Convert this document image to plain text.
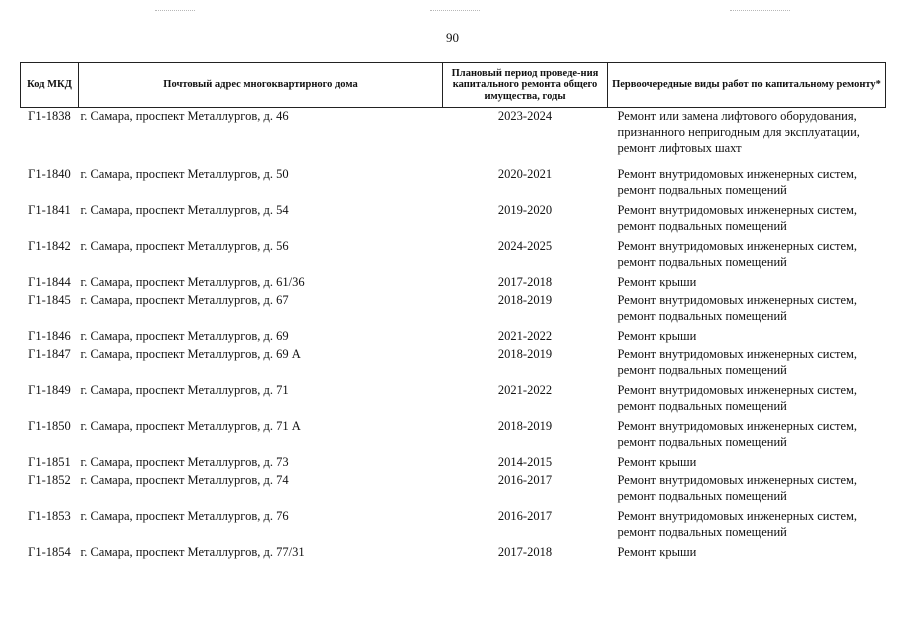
90
Код МКД	Почтовый адрес многоквартирного дома	Плановый период проведе-ния капитального ремонта общего имущества, годы	Первоочередные виды работ по капитальному ремонту*
Г1-1838	г. Самара, проспект Металлургов, д. 46	2023-2024	Ремонт или замена лифтового оборудования, признанного непригодным для эксплуатации, ремонт лифтовых шахт
Г1-1840	г. Самара, проспект Металлургов, д. 50	2020-2021	Ремонт внутридомовых инженерных систем, ремонт подвальных помещений
Г1-1841	г. Самара, проспект Металлургов, д. 54	2019-2020	Ремонт внутридомовых инженерных систем, ремонт подвальных помещений
Г1-1842	г. Самара, проспект Металлургов, д. 56	2024-2025	Ремонт внутридомовых инженерных систем, ремонт подвальных помещений
Г1-1844	г. Самара, проспект Металлургов, д. 61/36	2017-2018	Ремонт крыши
Г1-1845	г. Самара, проспект Металлургов, д. 67	2018-2019	Ремонт внутридомовых инженерных систем, ремонт подвальных помещений
Г1-1846	г. Самара, проспект Металлургов, д. 69	2021-2022	Ремонт крыши
Г1-1847	г. Самара, проспект Металлургов, д. 69 А	2018-2019	Ремонт внутридомовых инженерных систем, ремонт подвальных помещений
Г1-1849	г. Самара, проспект Металлургов, д. 71	2021-2022	Ремонт внутридомовых инженерных систем, ремонт подвальных помещений
Г1-1850	г. Самара, проспект Металлургов, д. 71 А	2018-2019	Ремонт внутридомовых инженерных систем, ремонт подвальных помещений
Г1-1851	г. Самара, проспект Металлургов, д. 73	2014-2015	Ремонт крыши
Г1-1852	г. Самара, проспект Металлургов, д. 74	2016-2017	Ремонт внутридомовых инженерных систем, ремонт подвальных помещений
Г1-1853	г. Самара, проспект Металлургов, д. 76	2016-2017	Ремонт внутридомовых инженерных систем, ремонт подвальных помещений
Г1-1854	г. Самара, проспект Металлургов, д. 77/31	2017-2018	Ремонт крыши
